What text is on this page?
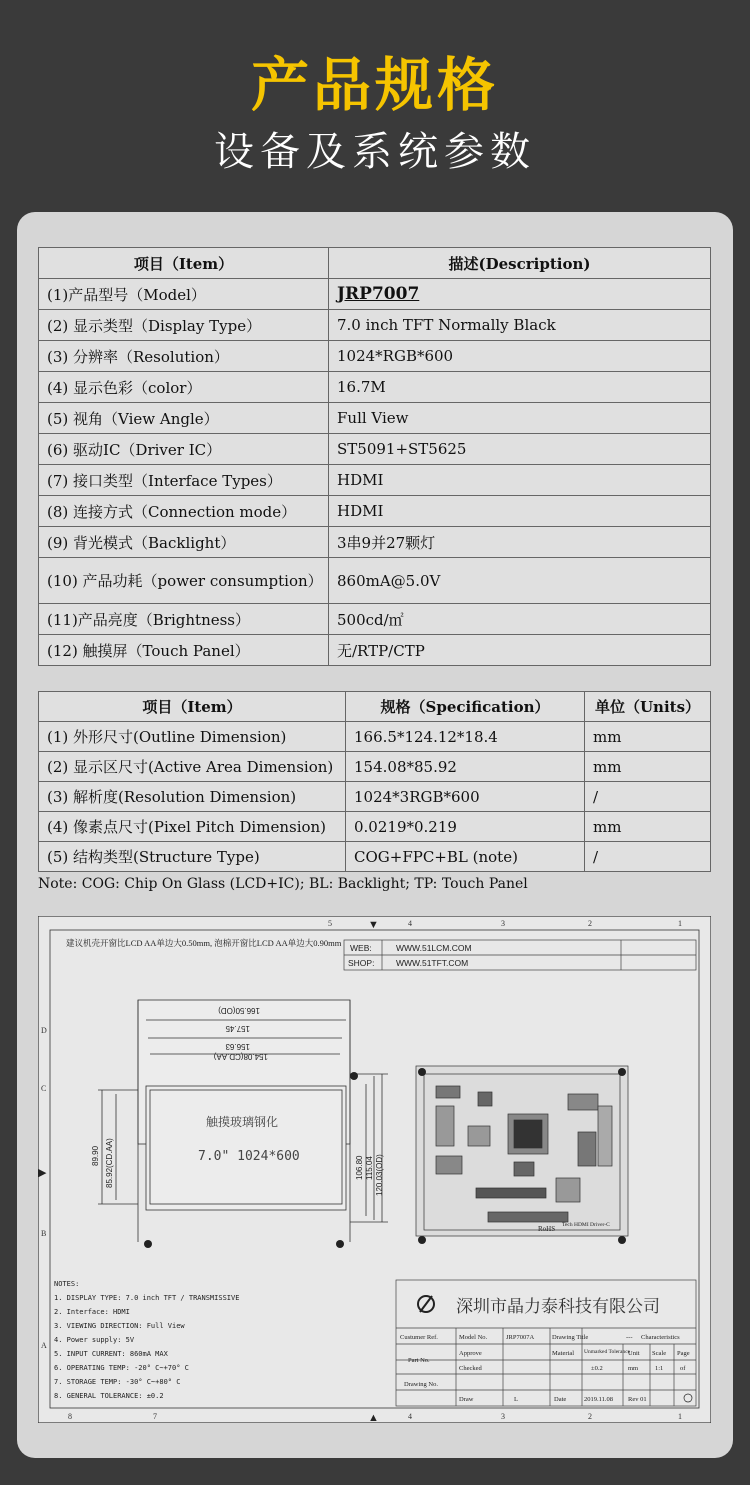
产品规格
设备及系统参数
项目（Item）	描述(Description)
(1)产品型号（Model）	JRP7007
(2) 显示类型（Display Type）	7.0 inch TFT Normally Black
(3) 分辨率（Resolution）	1024*RGB*600
(4) 显示色彩（color）	16.7M
(5) 视角（View Angle）	Full View
(6) 驱动IC（Driver IC）	ST5091+ST5625
(7) 接口类型（Interface Types）	HDMI
(8) 连接方式（Connection mode）	HDMI
(9) 背光模式（Backlight）	3串9并27颗灯
(10) 产品功耗（power consumption）	860mA@5.0V
(11)产品亮度（Brightness）	500cd/㎡
(12) 触摸屏（Touch Panel）	无/RTP/CTP
项目（Item）	规格（Specification）	单位（Units）
(1) 外形尺寸(Outline Dimension)	166.5*124.12*18.4	mm
(2) 显示区尺寸(Active Area Dimension)	154.08*85.92	mm
(3) 解析度(Resolution Dimension)	1024*3RGB*600	/
(4) 像素点尺寸(Pixel Pitch Dimension)	0.0219*0.219	mm
(5) 结构类型(Structure Type)	COG+FPC+BL (note)	/
Note: COG: Chip On Glass (LCD+IC); BL: Backlight; TP: Touch Panel
5	4	3	2	1
8	7	4	3	2	1
D
C
B
A
▼
▲
▶
建议机壳开窗比LCD AA单边大0.50mm, 泡棉开窗比LCD AA单边大0.90mm WEB:	WWW.51LCM.COM
SHOP:	WWW.51TFT.COM
166.50(OD)
157.45
156.63
154.08(CD.AA)
89.90 85.92(CD.AA)	106.80 115.04 120.03(OD)
触摸玻璃钢化
7.0" 1024*600
RoHS Tech HDMI Driver-C
NOTES:
1. DISPLAY TYPE: 7.0 inch TFT / TRANSMISSIVE
2. Interface: HDMI
3. VIEWING DIRECTION: Full View
4. Power supply: 5V
5. INPUT CURRENT: 860mA MAX
6. OPERATING TEMP: -20° C~+70° C
7. STORAGE TEMP: -30° C~+80° C
8. GENERAL TOLERANCE: ±0.2
深圳市晶力泰科技有限公司
Custumer Ref.	Model No.	JRP7007A	Drawing Title	--- Characteristics
Part No.
Approve	Material Unmarked Tolerance
Unit Scale Page
Checked	±0.2	mm	1:1	of
Drawing No.
Draw	L	Date	2019.11.08 Rev 01
